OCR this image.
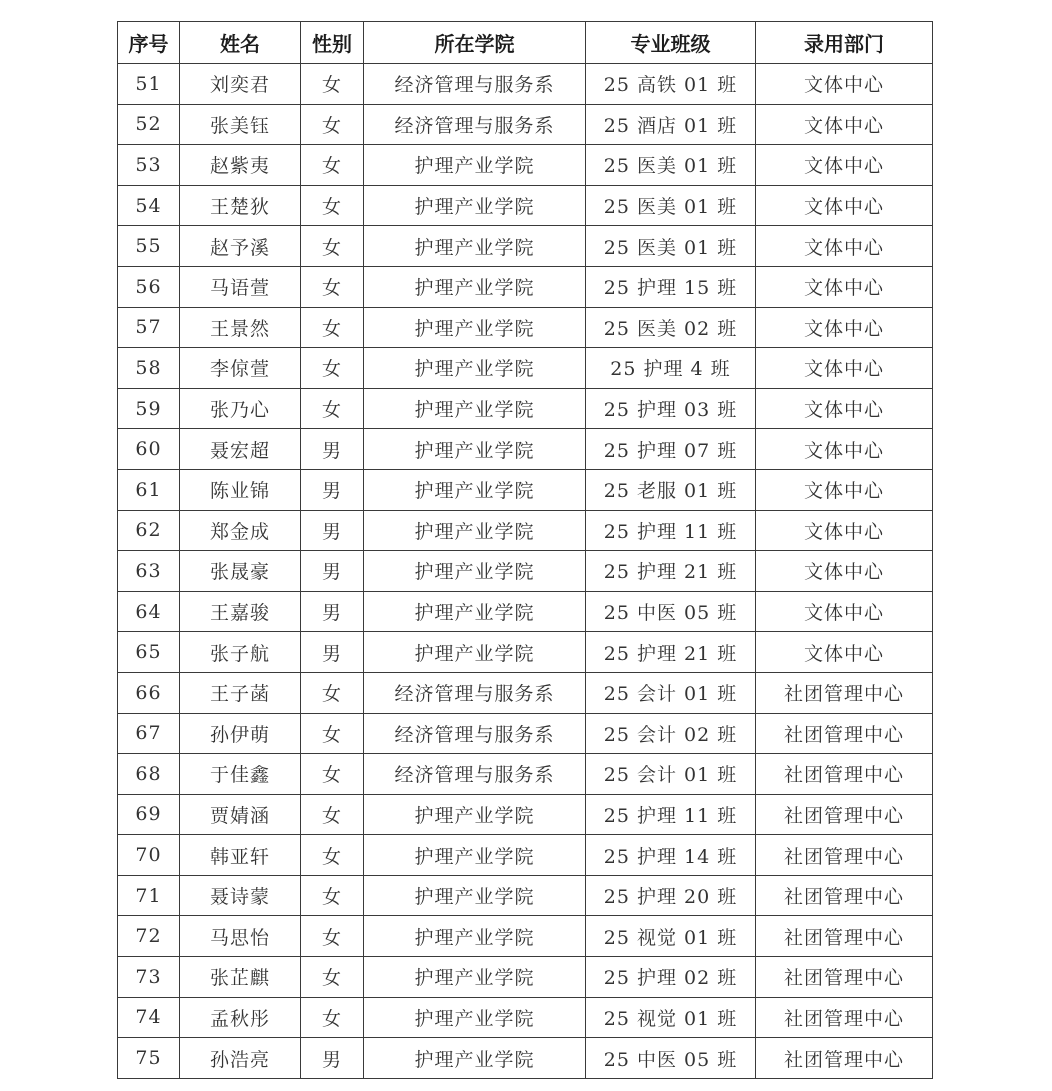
序号	姓名	性别	所在学院	专业班级	录用部门
51	刘奕君	女	经济管理与服务系	25 高铁 01 班	文体中心
52	张美钰	女	经济管理与服务系	25 酒店 01 班	文体中心
53	赵紫夷	女	护理产业学院	25 医美 01 班	文体中心
54	王楚狄	女	护理产业学院	25 医美 01 班	文体中心
55	赵予溪	女	护理产业学院	25 医美 01 班	文体中心
56	马语萱	女	护理产业学院	25 护理 15 班	文体中心
57	王景然	女	护理产业学院	25 医美 02 班	文体中心
58	李倞萱	女	护理产业学院	25 护理 4 班	文体中心
59	张乃心	女	护理产业学院	25 护理 03 班	文体中心
60	聂宏超	男	护理产业学院	25 护理 07 班	文体中心
61	陈业锦	男	护理产业学院	25 老服 01 班	文体中心
62	郑金成	男	护理产业学院	25 护理 11 班	文体中心
63	张晟豪	男	护理产业学院	25 护理 21 班	文体中心
64	王嘉骏	男	护理产业学院	25 中医 05 班	文体中心
65	张子航	男	护理产业学院	25 护理 21 班	文体中心
66	王子菡	女	经济管理与服务系	25 会计 01 班	社团管理中心
67	孙伊萌	女	经济管理与服务系	25 会计 02 班	社团管理中心
68	于佳鑫	女	经济管理与服务系	25 会计 01 班	社团管理中心
69	贾婧涵	女	护理产业学院	25 护理 11 班	社团管理中心
70	韩亚轩	女	护理产业学院	25 护理 14 班	社团管理中心
71	聂诗蒙	女	护理产业学院	25 护理 20 班	社团管理中心
72	马思怡	女	护理产业学院	25 视觉 01 班	社团管理中心
73	张芷麒	女	护理产业学院	25 护理 02 班	社团管理中心
74	孟秋彤	女	护理产业学院	25 视觉 01 班	社团管理中心
75	孙浩亮	男	护理产业学院	25 中医 05 班	社团管理中心
